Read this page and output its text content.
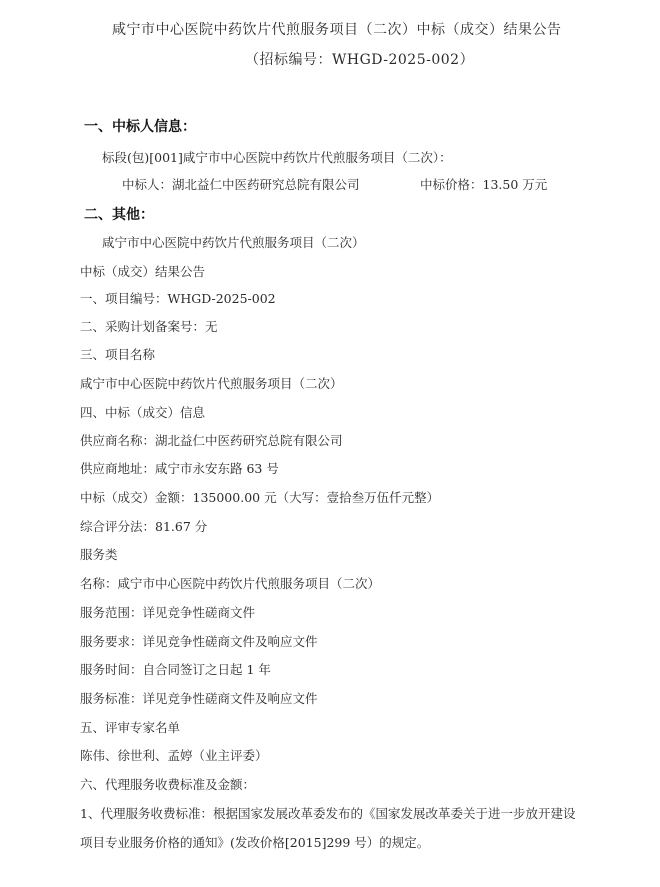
咸宁市中心医院中药饮片代煎服务项目（二次）中标（成交）结果公告
（招标编号：WHGD-2025-002）
一、中标人信息：
标段(包)[001]咸宁市中心医院中药饮片代煎服务项目（二次）：
中标人：湖北益仁中医药研究总院有限公司	中标价格：13.50 万元
二、其他：
咸宁市中心医院中药饮片代煎服务项目（二次）
中标（成交）结果公告
一、项目编号：WHGD-2025-002
二、采购计划备案号：无
三、项目名称
咸宁市中心医院中药饮片代煎服务项目（二次）
四、中标（成交）信息
供应商名称：湖北益仁中医药研究总院有限公司
供应商地址：咸宁市永安东路 63 号
中标（成交）金额：135000.00 元（大写：壹拾叁万伍仟元整）
综合评分法：81.67 分
服务类
名称：咸宁市中心医院中药饮片代煎服务项目（二次）
服务范围：详见竞争性磋商文件
服务要求：详见竞争性磋商文件及响应文件
服务时间：自合同签订之日起 1 年
服务标准：详见竞争性磋商文件及响应文件
五、评审专家名单
陈伟、徐世利、孟婷（业主评委）
六、代理服务收费标准及金额：
1、代理服务收费标准：根据国家发展改革委发布的《国家发展改革委关于进一步放开建设
项目专业服务价格的通知》(发改价格[2015]299 号）的规定。
